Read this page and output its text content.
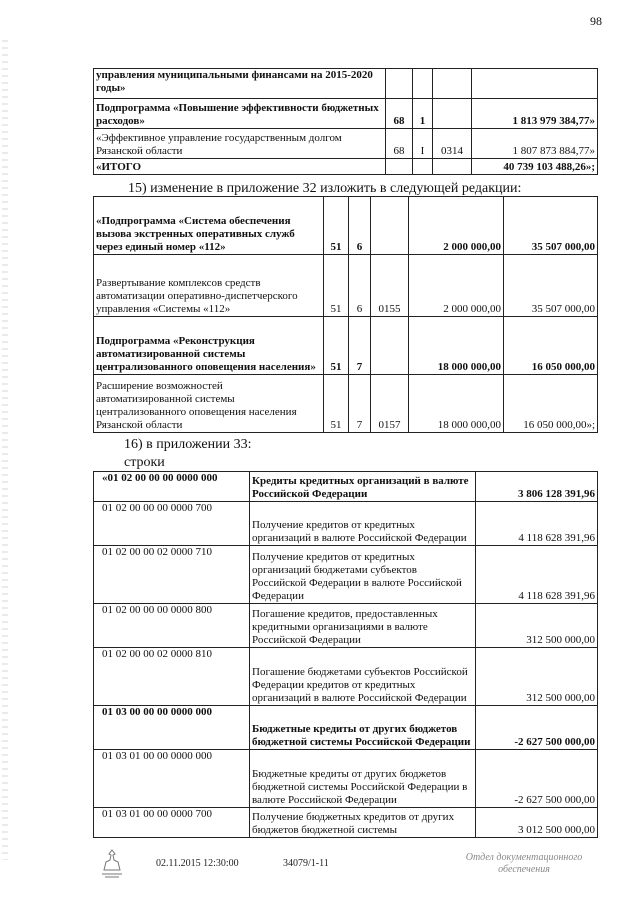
98
управления муниципальными финансами на 2015-2020 годы»				
Подпрограмма «Повышение эффективности бюджетных расходов»	68	1		1 813 979 384,77»
«Эффективное управление государственным долгом Рязанской области	68	I	0314	1 807 873 884,77»
«ИТОГО				40 739 103 488,26»;
15) изменение в приложение 32 изложить в следующей редакции:
«Подпрограмма «Система обеспечения вызова экстренных оперативных служб через единый номер «112»	51	6		2 000 000,00	35 507 000,00
Развертывание комплексов средств автоматизации оперативно-диспетчерского управления «Системы «112»	51	6	0155	2 000 000,00	35 507 000,00
Подпрограмма «Реконструкция автоматизированной системы централизованного оповещения населения»	51	7		18 000 000,00	16 050 000,00
Расширение возможностей автоматизированной системы централизованного оповещения населения Рязанской области	51	7	0157	18 000 000,00	16 050 000,00»;
16) в приложении 33:
строки
«01 02 00 00 00 0000 000	Кредиты кредитных организаций в валюте Российской Федерации	3 806 128 391,96
01 02 00 00 00 0000 700	Получение кредитов от кредитных организаций в валюте Российской Федерации	4 118 628 391,96
01 02 00 00 02 0000 710	Получение кредитов от кредитных организаций бюджетами субъектов Российской Федерации в валюте Российской Федерации	4 118 628 391,96
01 02 00 00 00 0000 800	Погашение кредитов, предоставленных кредитными организациями в валюте Российской Федерации	312 500 000,00
01 02 00 00 02 0000 810	Погашение бюджетами субъектов Российской Федерации кредитов от кредитных организаций в валюте Российской Федерации	312 500 000,00
01 03 00 00 00 0000 000	Бюджетные кредиты от других бюджетов бюджетной системы Российской Федерации	-2 627 500 000,00
01 03 01 00 00 0000 000	Бюджетные кредиты от других бюджетов бюджетной системы Российской Федерации в валюте Российской Федерации	-2 627 500 000,00
01 03 01 00 00 0000 700	Получение бюджетных кредитов от других бюджетов бюджетной системы	3 012 500 000,00
02.11.2015 12:30:00	34079/1-11
Отдел документационного обеспечения
